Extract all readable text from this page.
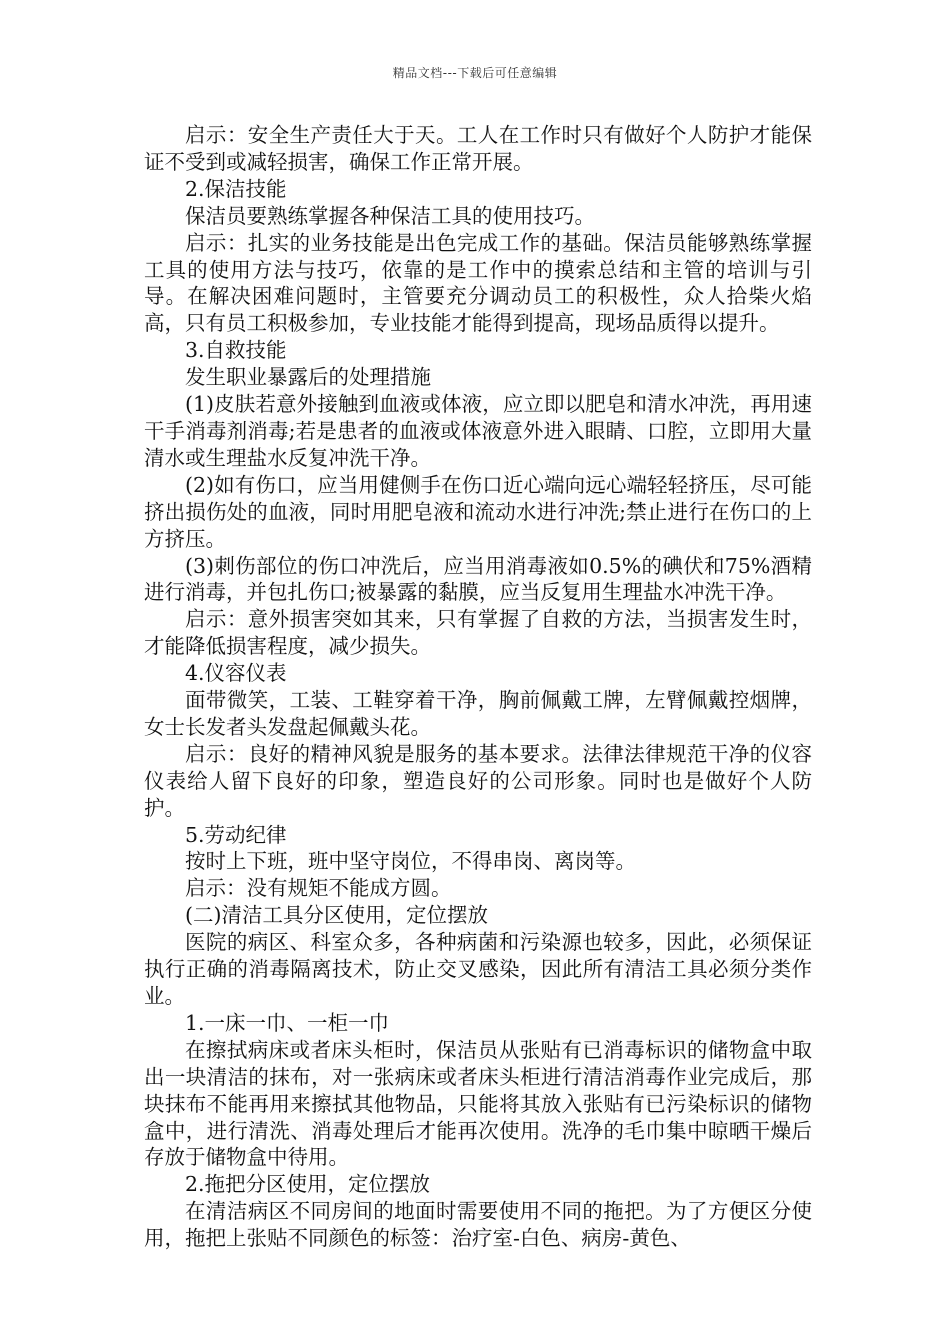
精品文档---下载后可任意编辑

启示：安全生产责任大于天。工人在工作时只有做好个人防护才能保证不受到或减轻损害，确保工作正常开展。

2.保洁技能

保洁员要熟练掌握各种保洁工具的使用技巧。

启示：扎实的业务技能是出色完成工作的基础。保洁员能够熟练掌握工具的使用方法与技巧，依靠的是工作中的摸索总结和主管的培训与引导。在解决困难问题时，主管要充分调动员工的积极性，众人拾柴火焰高，只有员工积极参加，专业技能才能得到提高，现场品质得以提升。

3.自救技能

发生职业暴露后的处理措施

(1)皮肤若意外接触到血液或体液，应立即以肥皂和清水冲洗，再用速干手消毒剂消毒;若是患者的血液或体液意外进入眼睛、口腔，立即用大量清水或生理盐水反复冲洗干净。

(2)如有伤口，应当用健侧手在伤口近心端向远心端轻轻挤压，尽可能挤出损伤处的血液，同时用肥皂液和流动水进行冲洗;禁止进行在伤口的上方挤压。

(3)刺伤部位的伤口冲洗后，应当用消毒液如0.5%的碘伏和75%酒精进行消毒，并包扎伤口;被暴露的黏膜，应当反复用生理盐水冲洗干净。

启示：意外损害突如其来，只有掌握了自救的方法，当损害发生时，才能降低损害程度，减少损失。

4.仪容仪表

面带微笑，工装、工鞋穿着干净，胸前佩戴工牌，左臂佩戴控烟牌，女士长发者头发盘起佩戴头花。

启示：良好的精神风貌是服务的基本要求。法律法律规范干净的仪容仪表给人留下良好的印象，塑造良好的公司形象。同时也是做好个人防护。

5.劳动纪律

按时上下班，班中坚守岗位，不得串岗、离岗等。

启示：没有规矩不能成方圆。

(二)清洁工具分区使用，定位摆放

医院的病区、科室众多，各种病菌和污染源也较多，因此，必须保证执行正确的消毒隔离技术，防止交叉感染，因此所有清洁工具必须分类作业。

1.一床一巾、一柜一巾

在擦拭病床或者床头柜时，保洁员从张贴有已消毒标识的储物盒中取出一块清洁的抹布，对一张病床或者床头柜进行清洁消毒作业完成后，那块抹布不能再用来擦拭其他物品，只能将其放入张贴有已污染标识的储物盒中，进行清洗、消毒处理后才能再次使用。洗净的毛巾集中晾晒干燥后存放于储物盒中待用。

2.拖把分区使用，定位摆放

在清洁病区不同房间的地面时需要使用不同的拖把。为了方便区分使用，拖把上张贴不同颜色的标签：治疗室-白色、病房-黄色、
